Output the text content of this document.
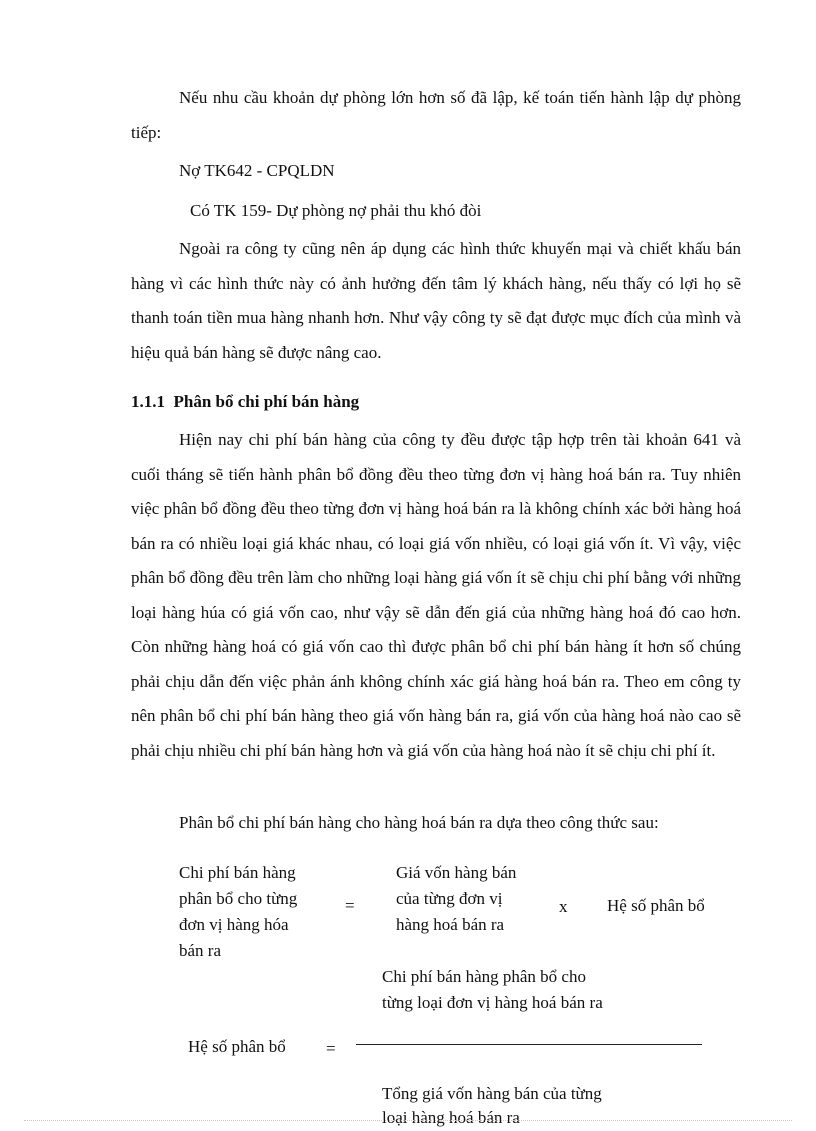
Nếu nhu cầu khoản dự phòng lớn hơn số đã lập, kế toán tiến hành lập dự phòng tiếp:

Nợ TK642 - CPQLDN

Có TK 159- Dự phòng nợ phải thu khó đòi

Ngoài ra công ty cũng nên áp dụng các hình thức khuyến mại và chiết khấu bán hàng vì các hình thức này có ảnh hưởng đến tâm lý khách hàng, nếu thấy có lợi họ sẽ thanh toán tiền mua hàng nhanh hơn. Như vậy công ty sẽ đạt được mục đích của mình và hiệu quả bán hàng sẽ được nâng cao.

1.1.1 Phân bổ chi phí bán hàng

Hiện nay chi phí bán hàng của công ty đều được tập hợp trên tài khoản 641 và cuối tháng sẽ tiến hành phân bổ đồng đều theo từng đơn vị hàng hoá bán ra. Tuy nhiên việc phân bổ đồng đều theo từng đơn vị hàng hoá bán ra là không chính xác bởi hàng hoá bán ra có nhiều loại giá khác nhau, có loại giá vốn nhiều, có loại giá vốn ít. Vì vậy, việc phân bổ đồng đều trên làm cho những loại hàng giá vốn ít sẽ chịu chi phí bằng với những loại hàng húa có giá vốn cao, như vậy sẽ dẫn đến giá của những hàng hoá đó cao hơn. Còn những hàng hoá có giá vốn cao thì được phân bổ chi phí bán hàng ít hơn số chúng phải chịu dẫn đến việc phản ánh không chính xác giá hàng hoá bán ra. Theo em công ty nên phân bổ chi phí bán hàng theo giá vốn hàng bán ra, giá vốn của hàng hoá nào cao sẽ phải chịu nhiều chi phí bán hàng hơn và giá vốn của hàng hoá nào ít sẽ chịu chi phí ít.

Phân bổ chi phí bán hàng cho hàng hoá bán ra dựa theo công thức sau:

Chi phí bán hàng

phân bổ cho từng

đơn vị hàng hóa

bán ra

=

Giá vốn hàng bán

của từng đơn vị

hàng hoá bán ra

x Hệ số phân bổ

Chi phí bán hàng phân bổ cho

từng loại đơn vị hàng hoá bán ra

Hệ số phân bổ =

Tổng giá vốn hàng bán của từng

loại hàng hoá bán ra
